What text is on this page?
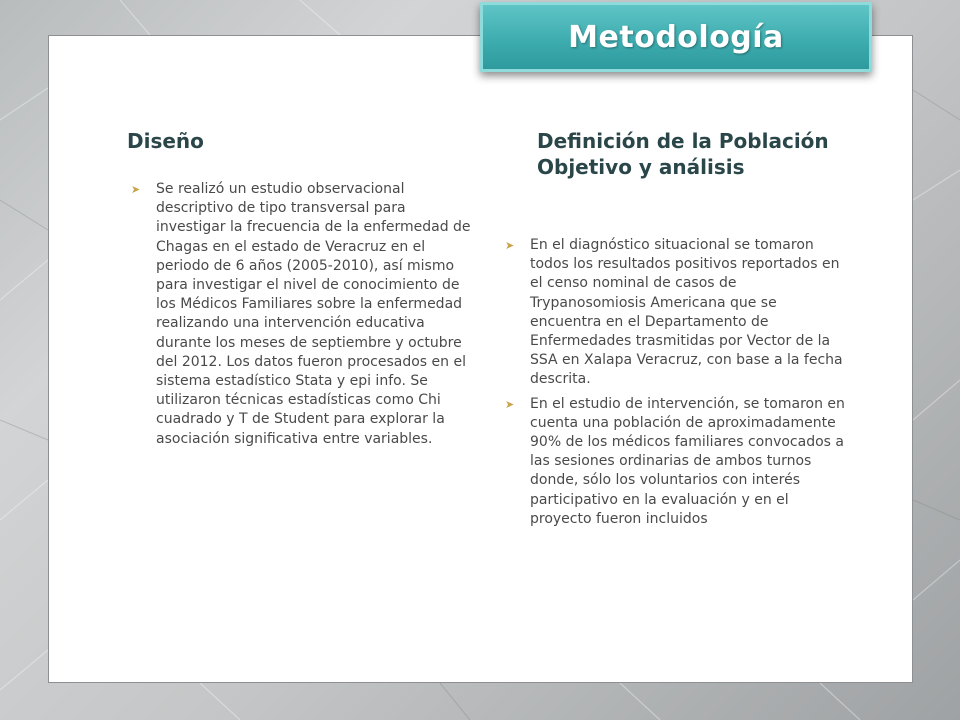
Metodología
Diseño
➤ Se realizó un estudio observacional descriptivo de tipo transversal para investigar la frecuencia de la enfermedad de Chagas en el estado de Veracruz en el periodo de 6 años (2005-2010), así mismo para investigar el nivel de conocimiento de los Médicos Familiares sobre la enfermedad realizando una intervención educativa durante los meses de septiembre y octubre del 2012. Los datos fueron procesados en el sistema estadístico Stata y epi info. Se utilizaron técnicas estadísticas como Chi cuadrado y T de Student para explorar la asociación significativa entre variables.
Definición de la Población Objetivo y análisis
➤ En el diagnóstico situacional se tomaron todos los resultados positivos reportados en el censo nominal de casos de Trypanosomiosis Americana que se encuentra en el Departamento de Enfermedades trasmitidas por Vector de la SSA en Xalapa Veracruz, con base a la fecha descrita.
➤ En el estudio de intervención, se tomaron en cuenta una población de aproximadamente 90% de los médicos familiares convocados a las sesiones ordinarias de ambos turnos donde, sólo los voluntarios con interés participativo en la evaluación y en el proyecto fueron incluidos
